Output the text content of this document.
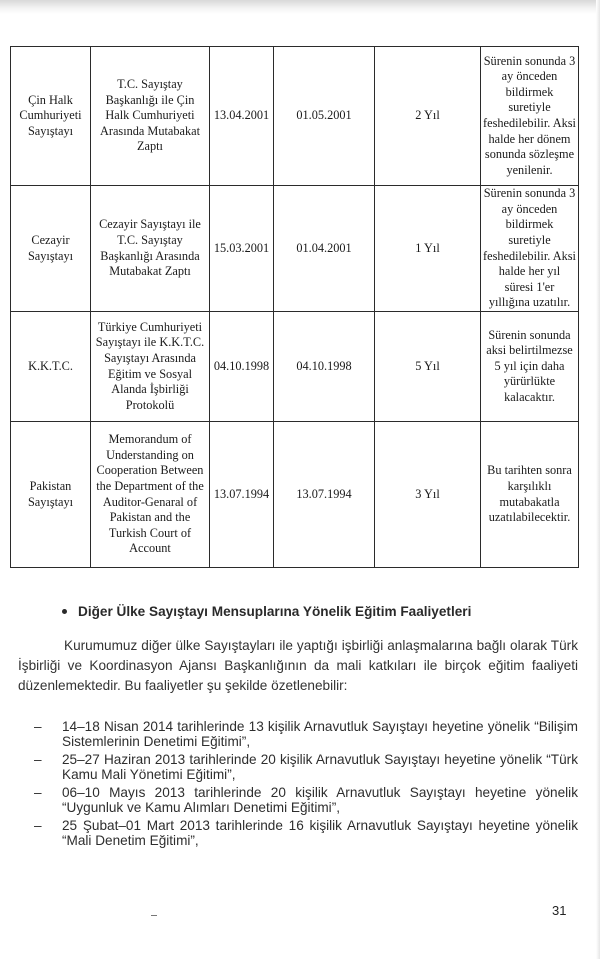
Çin Halk Cumhuriyeti Sayıştayı	T.C. Sayıştay Başkanlığı ile Çin Halk Cumhuriyeti Arasında Mutabakat Zaptı	13.04.2001	01.05.2001	2 Yıl	Sürenin sonunda 3 ay önceden bildirmek suretiyle feshedilebilir. Aksi halde her dönem sonunda sözleşme yenilenir.
Cezayir Sayıştayı	Cezayir Sayıştayı ile T.C. Sayıştay Başkanlığı Arasında Mutabakat Zaptı	15.03.2001	01.04.2001	1 Yıl	Sürenin sonunda 3 ay önceden bildirmek suretiyle feshedilebilir. Aksi halde her yıl süresi 1'er yıllığına uzatılır.
K.K.T.C.	Türkiye Cumhuriyeti Sayıştayı ile K.K.T.C. Sayıştayı Arasında Eğitim ve Sosyal Alanda İşbirliği Protokolü	04.10.1998	04.10.1998	5 Yıl	Sürenin sonunda aksi belirtilmezse 5 yıl için daha yürürlükte kalacaktır.
Pakistan Sayıştayı	Memorandum of Understanding on Cooperation Between the Department of the Auditor-Genaral of Pakistan and the Turkish Court of Account	13.07.1994	13.07.1994	3 Yıl	Bu tarihten sonra karşılıklı mutabakatla uzatılabilecektir.
Diğer Ülke Sayıştayı Mensuplarına Yönelik Eğitim Faaliyetleri

Kurumumuz diğer ülke Sayıştayları ile yaptığı işbirliği anlaşmalarına bağlı olarak Türk İşbirliği ve Koordinasyon Ajansı Başkanlığının da mali katkıları ile birçok eğitim faaliyeti düzenlemektedir. Bu faaliyetler şu şekilde özetlenebilir:

– 14–18 Nisan 2014 tarihlerinde 13 kişilik Arnavutluk Sayıştayı heyetine yönelik “Bilişim Sistemlerinin Denetimi Eğitimi”,
– 25–27 Haziran 2013 tarihlerinde 20 kişilik Arnavutluk Sayıştayı heyetine yönelik “Türk Kamu Mali Yönetimi Eğitimi”,
– 06–10 Mayıs 2013 tarihlerinde 20 kişilik Arnavutluk Sayıştayı heyetine yönelik “Uygunluk ve Kamu Alımları Denetimi Eğitimi”,
– 25 Şubat–01 Mart 2013 tarihlerinde 16 kişilik Arnavutluk Sayıştayı heyetine yönelik “Mali Denetim Eğitimi”,
31
